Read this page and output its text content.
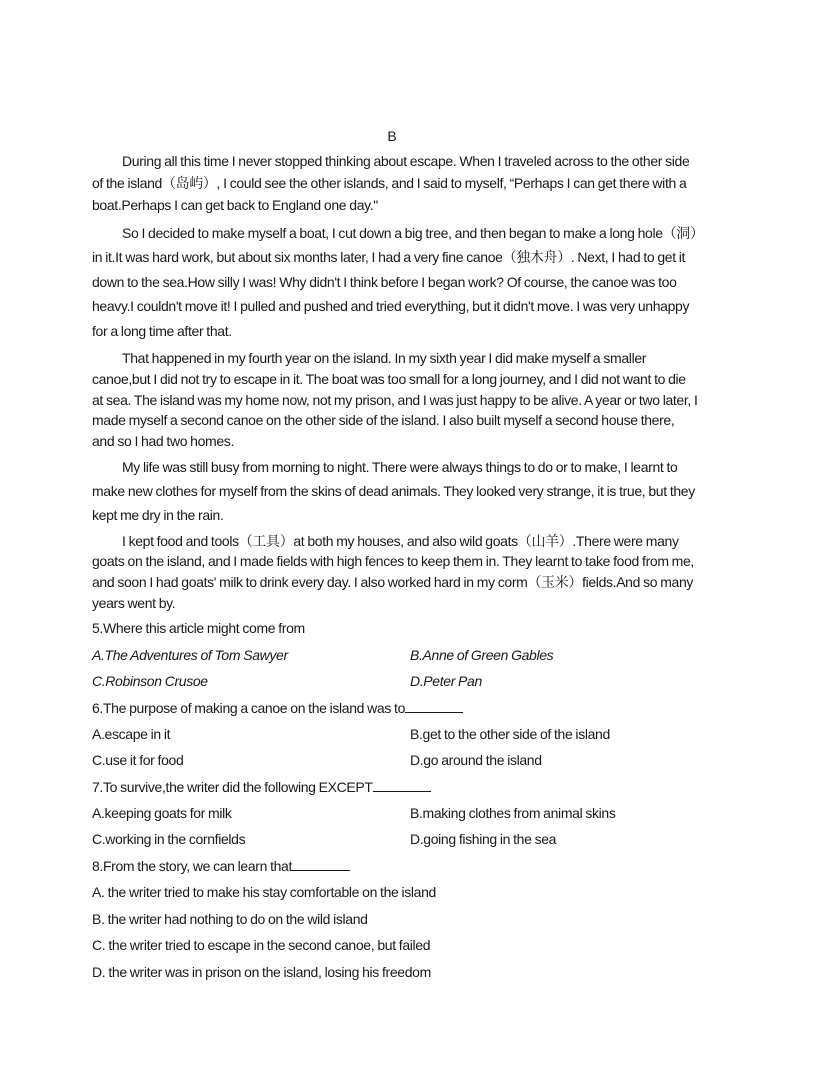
B

During all this time I never stopped thinking about escape. When I traveled across to the other side of the island（岛屿）, I could see the other islands, and I said to myself, “Perhaps I can get there with a boat.Perhaps I can get back to England one day."

So I decided to make myself a boat, I cut down a big tree, and then began to make a long hole（洞）in it.It was hard work, but about six months later, I had a very fine canoe（独木舟）. Next, I had to get it down to the sea.How silly I was! Why didn't I think before I began work? Of course, the canoe was too heavy.I couldn't move it! I pulled and pushed and tried everything, but it didn't move. I was very unhappy for a long time after that.

That happened in my fourth year on the island. In my sixth year I did make myself a smaller canoe,but I did not try to escape in it. The boat was too small for a long journey, and I did not want to die at sea. The island was my home now, not my prison, and I was just happy to be alive. A year or two later, I made myself a second canoe on the other side of the island. I also built myself a second house there, and so I had two homes.

My life was still busy from morning to night. There were always things to do or to make, I learnt to make new clothes for myself from the skins of dead animals. They looked very strange, it is true, but they kept me dry in the rain.

I kept food and tools（工具）at both my houses, and also wild goats（山羊）.There were many goats on the island, and I made fields with high fences to keep them in. They learnt to take food from me, and soon I had goats' milk to drink every day. I also worked hard in my corm（玉米）fields.And so many years went by.

5.Where this article might come from
A.The Adventures of Tom Sawyer	B.Anne of Green Gables
C.Robinson Crusoe	D.Peter Pan
6.The purpose of making a canoe on the island was to
A.escape in it	B.get to the other side of the island
C.use it for food	D.go around the island
7.To survive,the writer did the following EXCEPT
A.keeping goats for milk	B.making clothes from animal skins
C.working in the cornfields	D.going fishing in the sea
8.From the story, we can learn that
A. the writer tried to make his stay comfortable on the island
B. the writer had nothing to do on the wild island
C. the writer tried to escape in the second canoe, but failed
D. the writer was in prison on the island, losing his freedom
